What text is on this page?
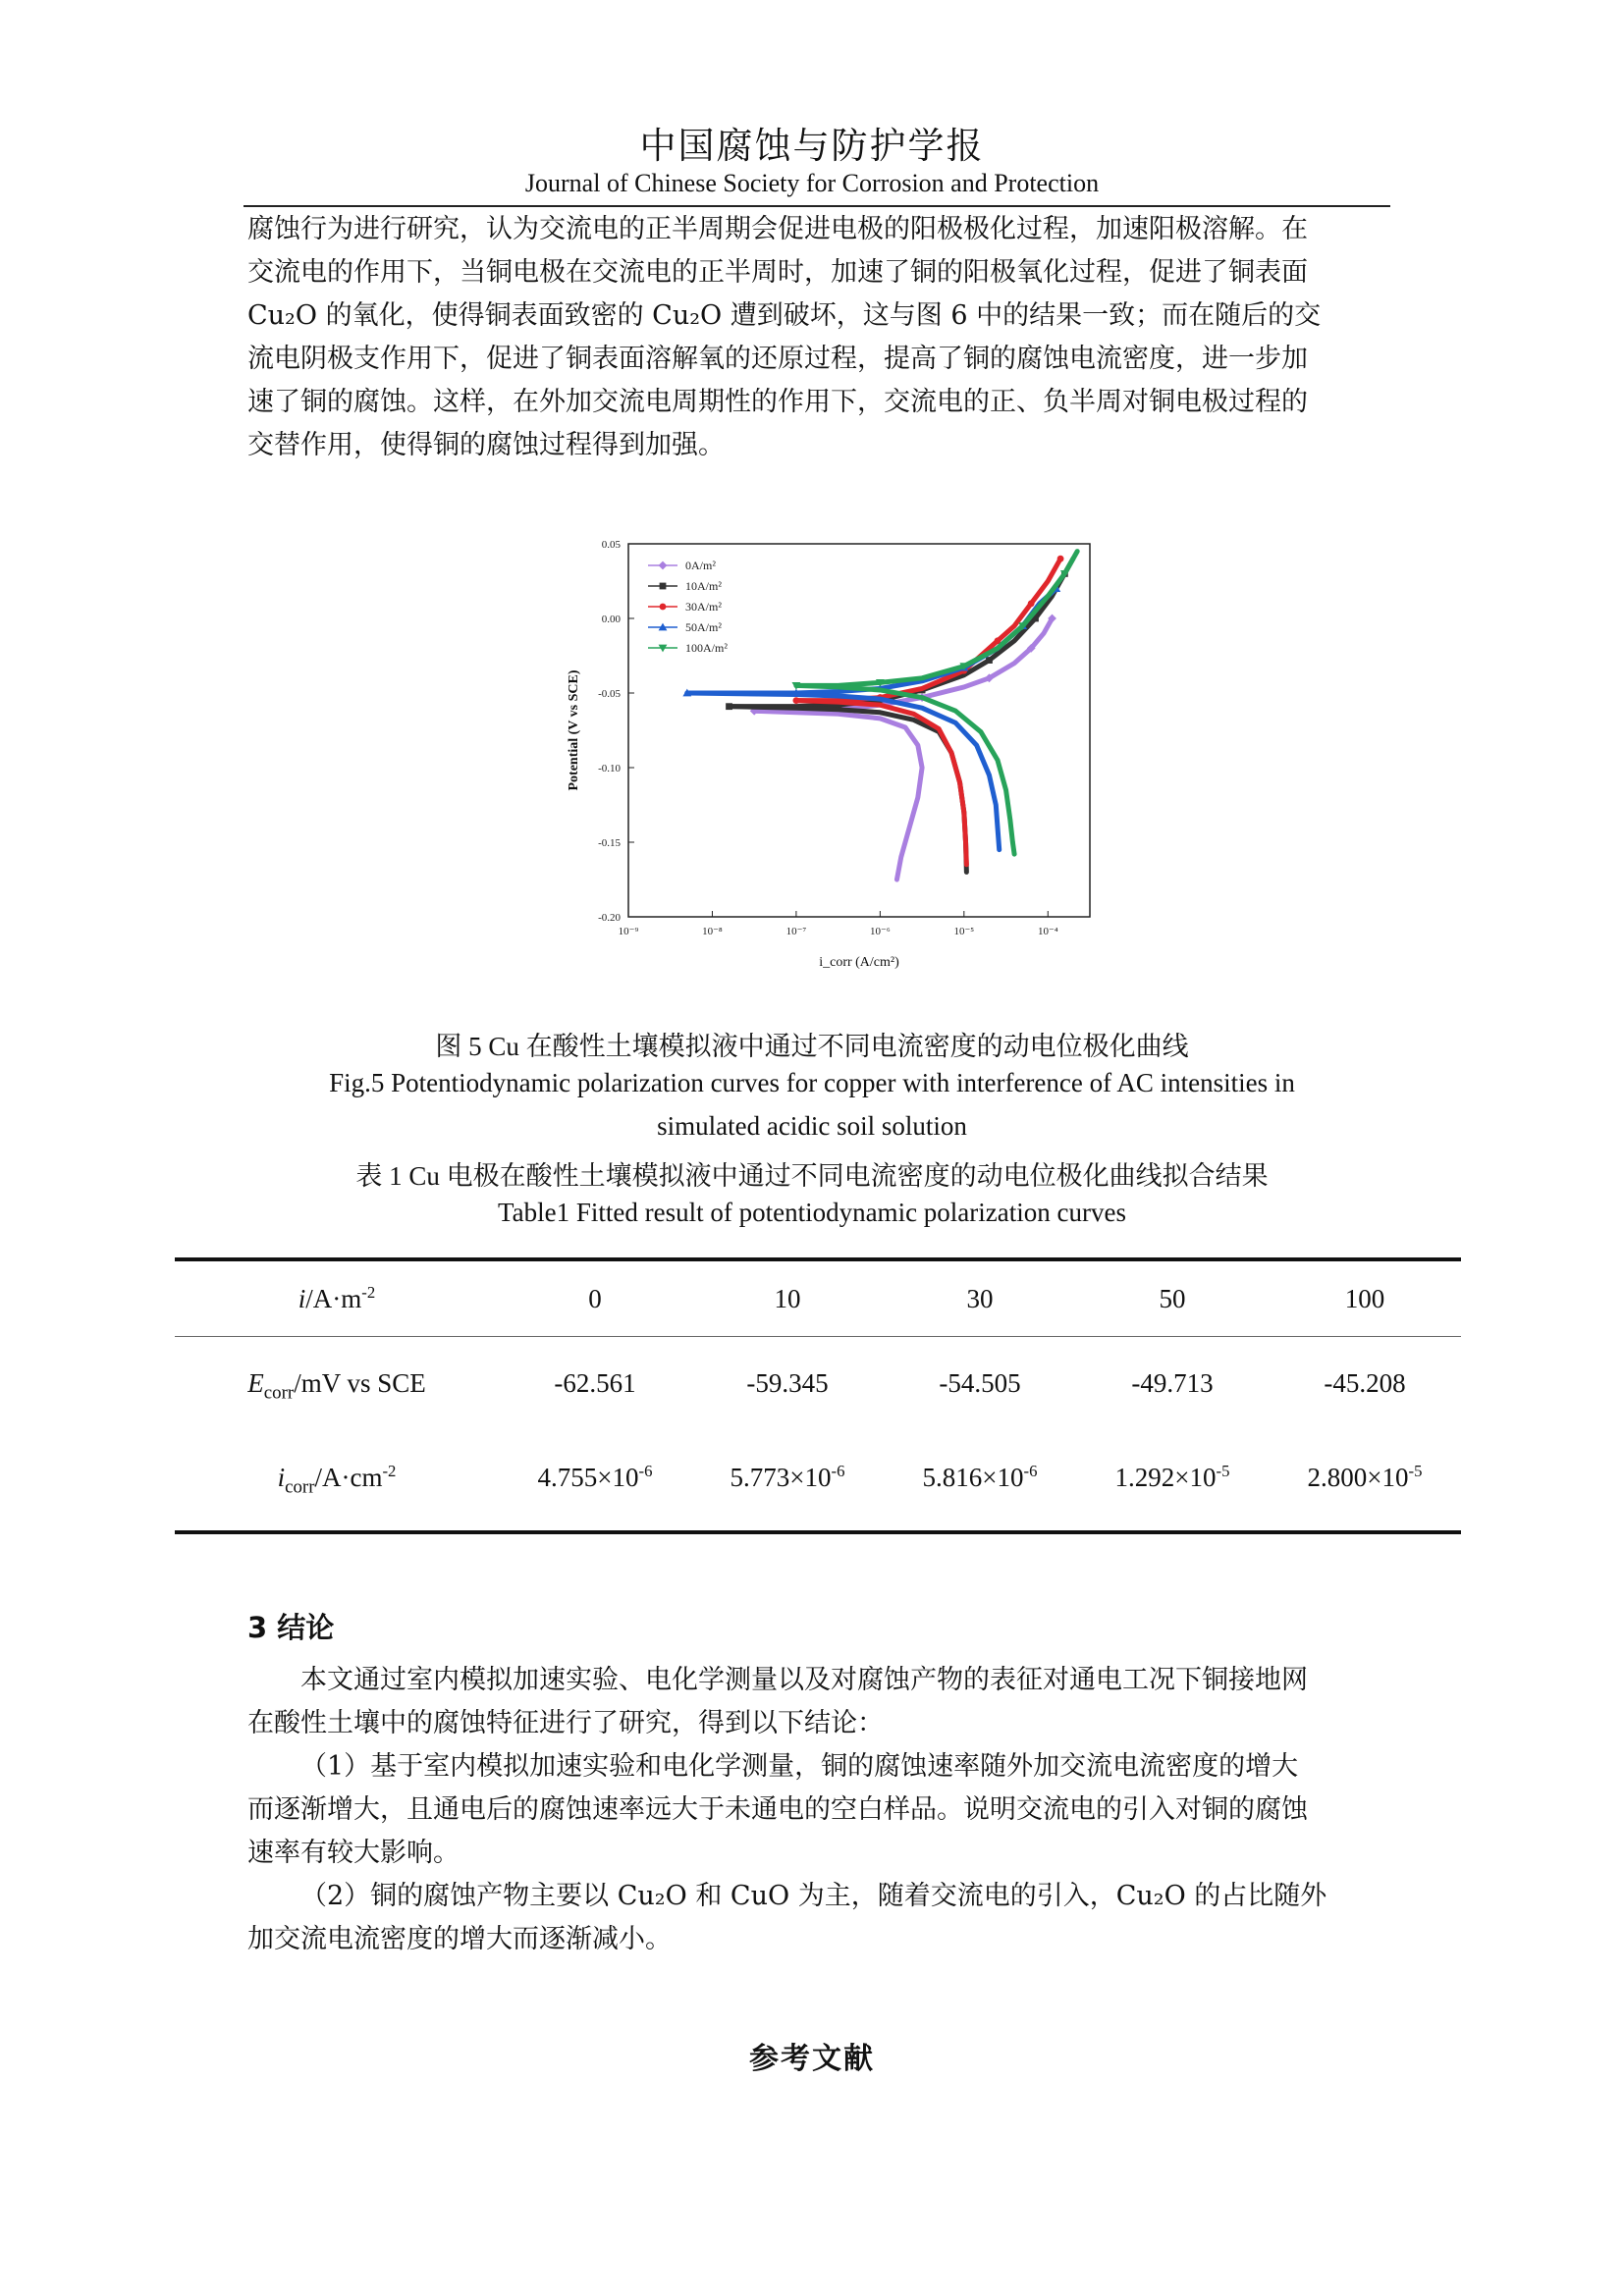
中国腐蚀与防护学报
Journal of Chinese Society for Corrosion and Protection

腐蚀行为进行研究，认为交流电的正半周期会促进电极的阳极极化过程，加速阳极溶解。在

交流电的作用下，当铜电极在交流电的正半周时，加速了铜的阳极氧化过程，促进了铜表面

Cu₂O 的氧化，使得铜表面致密的 Cu₂O 遭到破坏，这与图 6 中的结果一致；而在随后的交

流电阴极支作用下，促进了铜表面溶解氧的还原过程，提高了铜的腐蚀电流密度，进一步加

速了铜的腐蚀。这样，在外加交流电周期性的作用下，交流电的正、负半周对铜电极过程的

交替作用，使得铜的腐蚀过程得到加强。

10⁻⁹	10⁻⁸	10⁻⁷	10⁻⁶	10⁻⁵	10⁻⁴
0.05
0.00
-0.05
-0.10
-0.15
-0.20
0A/m²
10A/m²
30A/m²
50A/m²
100A/m²
Potential (V vs SCE)
i_corr (A/cm²)
图 5 Cu 在酸性土壤模拟液中通过不同电流密度的动电位极化曲线
Fig.5 Potentiodynamic polarization curves for copper with interference of AC intensities in
simulated acidic soil solution
表 1 Cu 电极在酸性土壤模拟液中通过不同电流密度的动电位极化曲线拟合结果
Table1 Fitted result of potentiodynamic polarization curves
$i/A\cdot m^{-2}$	0	10	30	50	100
$E_{corr}/mV$ vs SCE	-62.561	-59.345	-54.505	-49.713	-45.208
$i_{corr}/A\cdot cm^{-2}$	$4.755\times 10^{-6}$	$5.773\times 10^{-6}$	$5.816\times 10^{-6}$	$1.292\times 10^{-5}$	$2.800\times 10^{-5}$
3 结论

本文通过室内模拟加速实验、电化学测量以及对腐蚀产物的表征对通电工况下铜接地网

在酸性土壤中的腐蚀特征进行了研究，得到以下结论：

（1）基于室内模拟加速实验和电化学测量，铜的腐蚀速率随外加交流电流密度的增大

而逐渐增大，且通电后的腐蚀速率远大于未通电的空白样品。说明交流电的引入对铜的腐蚀

速率有较大影响。

（2）铜的腐蚀产物主要以 Cu₂O 和 CuO 为主，随着交流电的引入，Cu₂O 的占比随外

加交流电流密度的增大而逐渐减小。

参考文献
